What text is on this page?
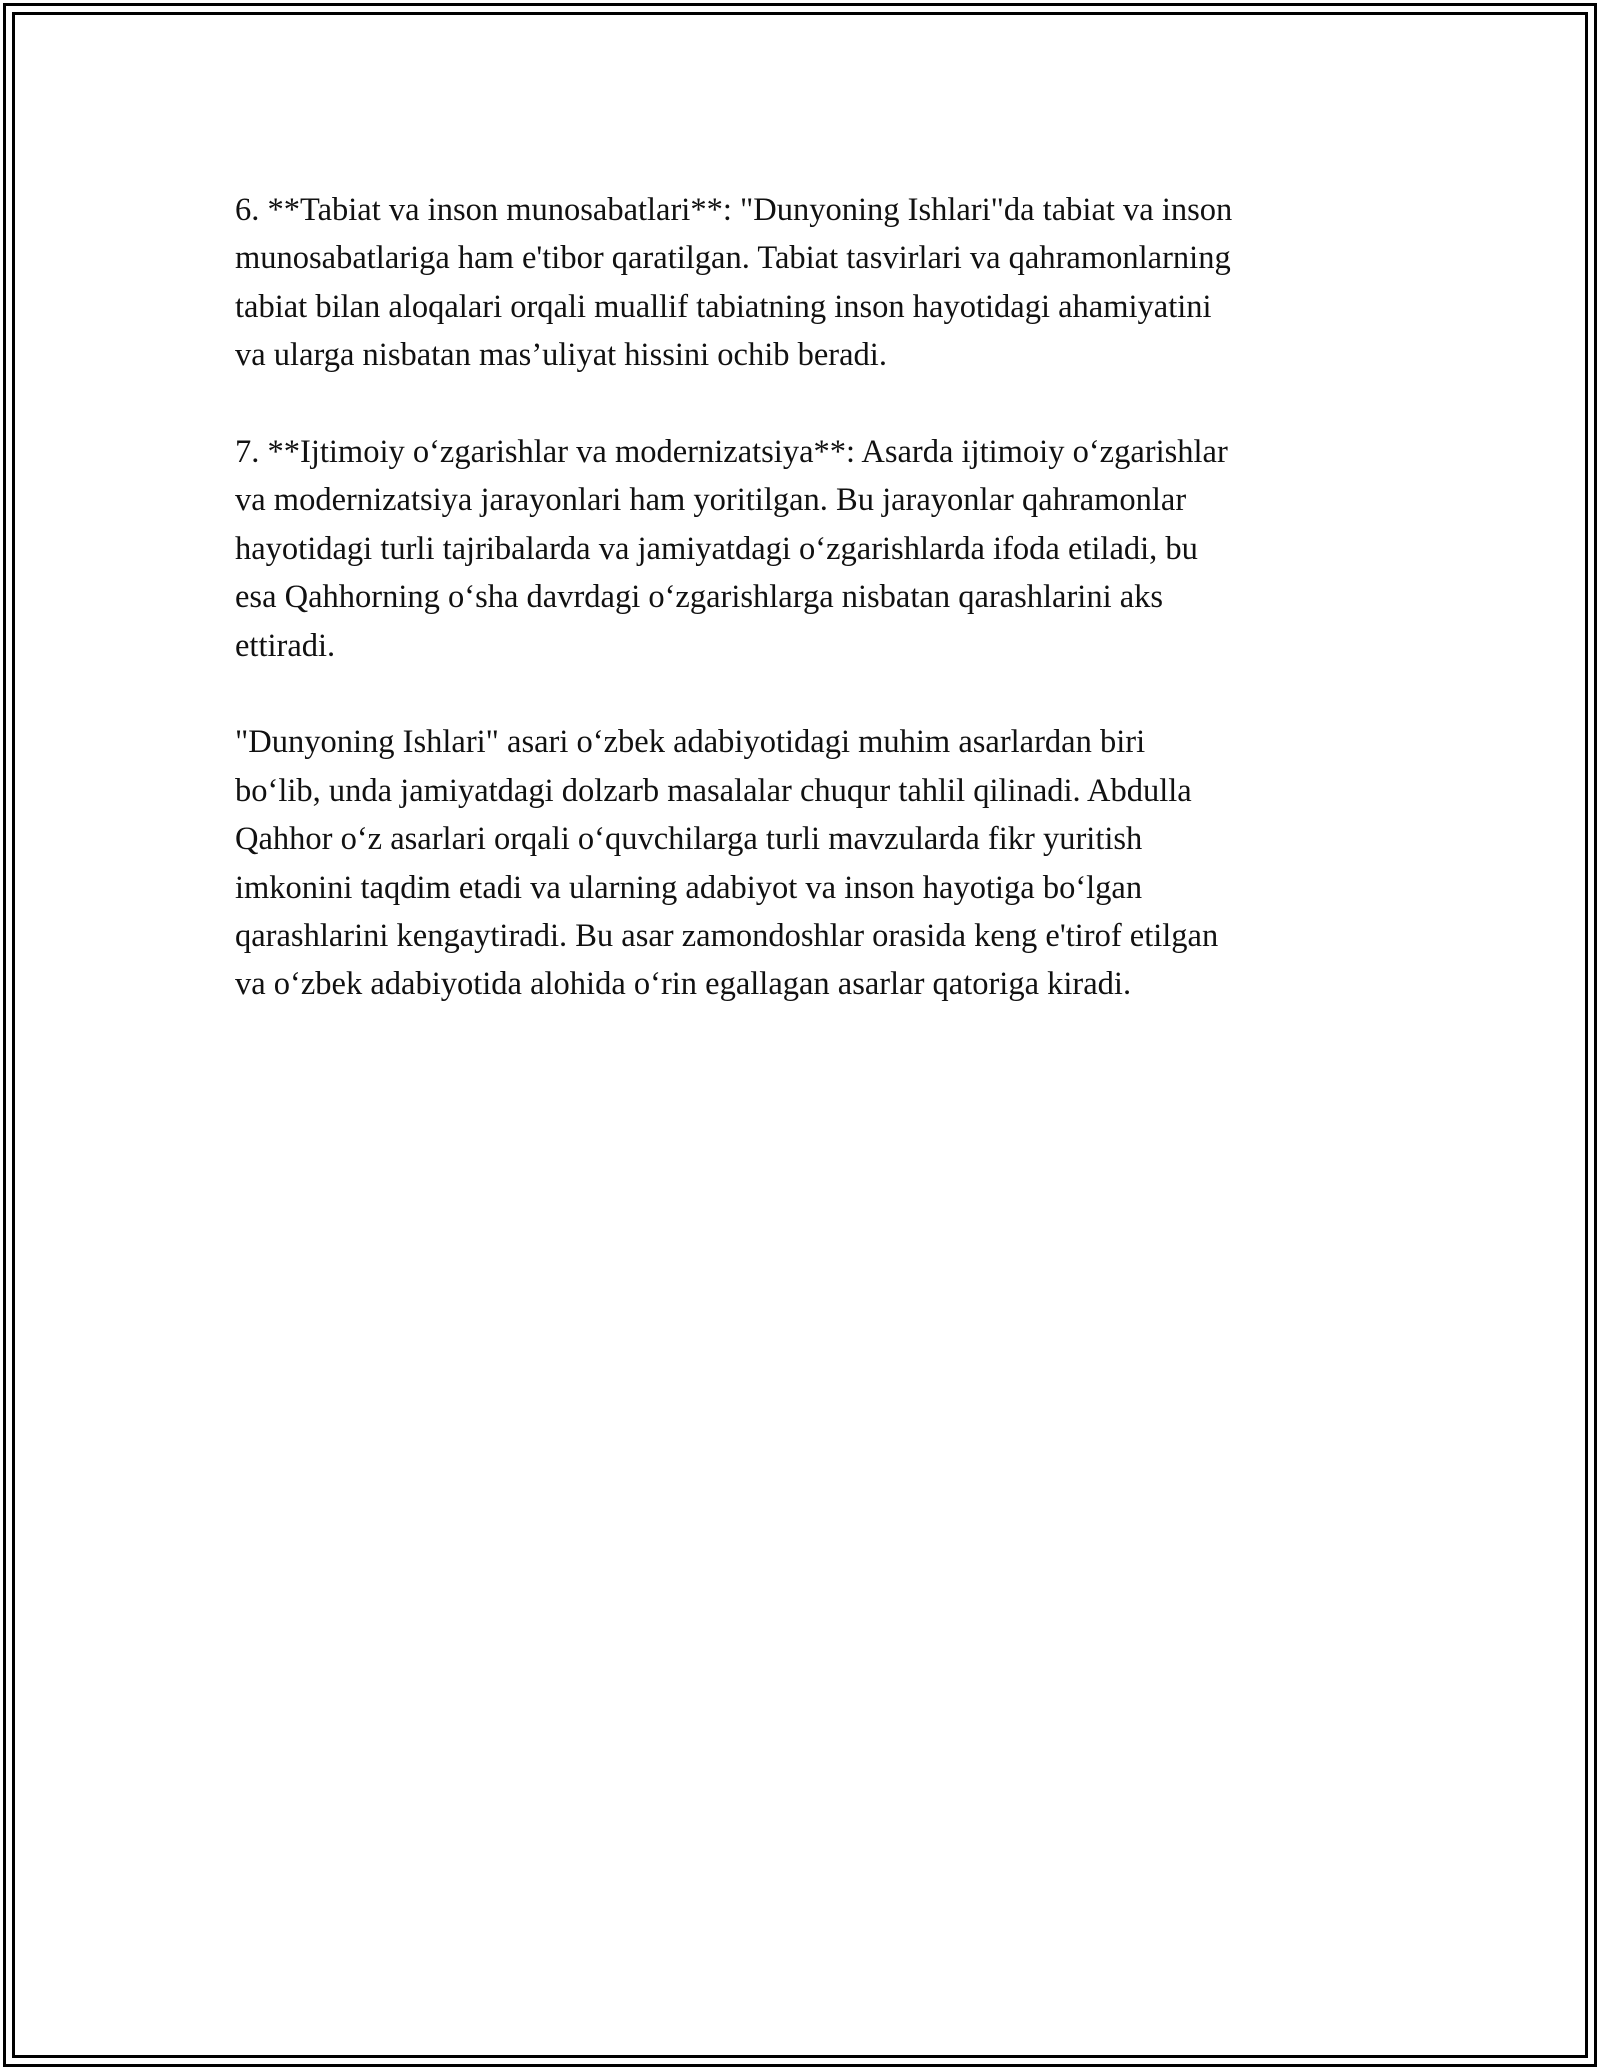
6. **Tabiat va inson munosabatlari**: "Dunyoning Ishlari"da tabiat va inson
munosabatlariga ham e'tibor qaratilgan. Tabiat tasvirlari va qahramonlarning
tabiat bilan aloqalari orqali muallif tabiatning inson hayotidagi ahamiyatini
va ularga nisbatan mas’uliyat hissini ochib beradi.

7. **Ijtimoiy o‘zgarishlar va modernizatsiya**: Asarda ijtimoiy o‘zgarishlar
va modernizatsiya jarayonlari ham yoritilgan. Bu jarayonlar qahramonlar
hayotidagi turli tajribalarda va jamiyatdagi o‘zgarishlarda ifoda etiladi, bu
esa Qahhorning o‘sha davrdagi o‘zgarishlarga nisbatan qarashlarini aks
ettiradi.

"Dunyoning Ishlari" asari o‘zbek adabiyotidagi muhim asarlardan biri
bo‘lib, unda jamiyatdagi dolzarb masalalar chuqur tahlil qilinadi. Abdulla
Qahhor o‘z asarlari orqali o‘quvchilarga turli mavzularda fikr yuritish
imkonini taqdim etadi va ularning adabiyot va inson hayotiga bo‘lgan
qarashlarini kengaytiradi. Bu asar zamondoshlar orasida keng e'tirof etilgan
va o‘zbek adabiyotida alohida o‘rin egallagan asarlar qatoriga kiradi.
